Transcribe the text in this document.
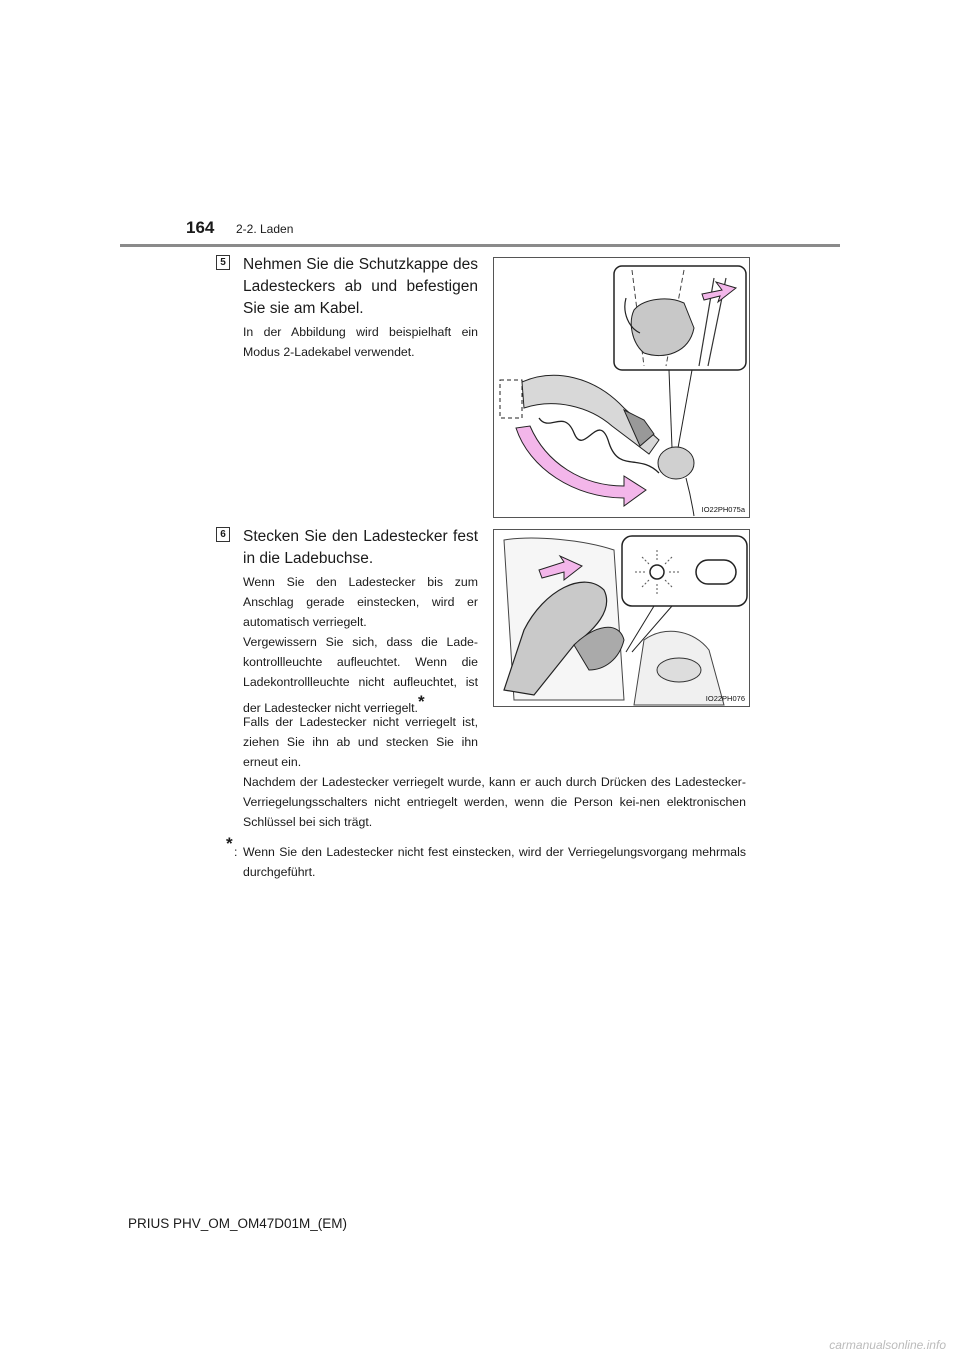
164 2-2. Laden
5 Nehmen Sie die Schutzkappe des Ladesteckers ab und befestigen Sie sie am Kabel.
In der Abbildung wird beispielhaft ein Modus 2-Ladekabel verwendet.
IO22PH075a
6 Stecken Sie den Ladestecker fest in die Ladebuchse.
Wenn Sie den Ladestecker bis zum Anschlag gerade einstecken, wird er automatisch verriegelt.
Vergewissern Sie sich, dass die Lade-kontrollleuchte aufleuchtet. Wenn die Ladekontrollleuchte nicht aufleuchtet, ist der Ladestecker nicht verriegelt.*
Falls der Ladestecker nicht verriegelt ist, ziehen Sie ihn ab und stecken Sie ihn erneut ein.
IO22PH076
Nachdem der Ladestecker verriegelt wurde, kann er auch durch Drücken des Ladestecker-Verriegelungsschalters nicht entriegelt werden, wenn die Person kei-nen elektronischen Schlüssel bei sich trägt.
* : Wenn Sie den Ladestecker nicht fest einstecken, wird der Verriegelungsvorgang mehrmals durchgeführt.
PRIUS PHV_OM_OM47D01M_(EM)
carmanualsonline.info
